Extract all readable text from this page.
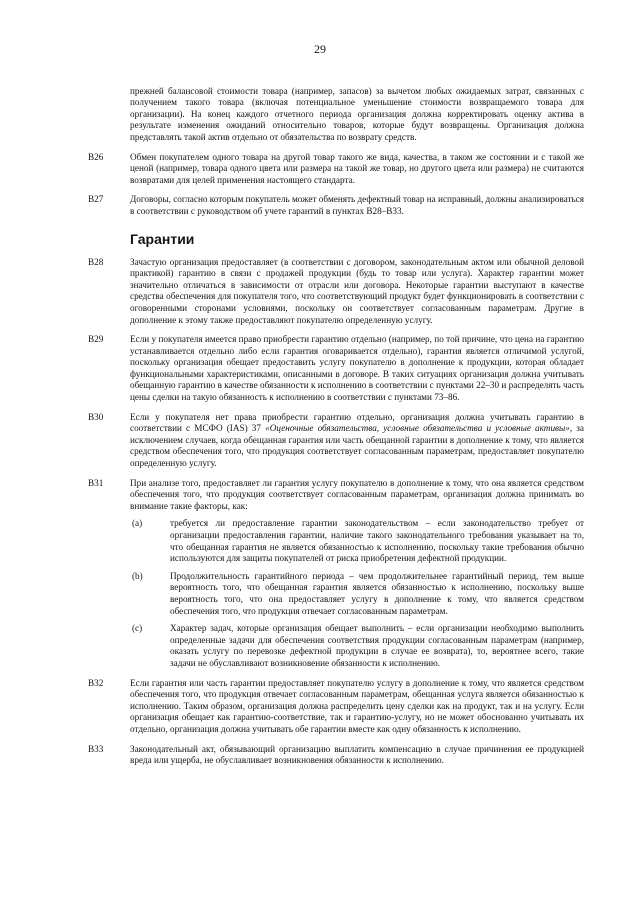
29
прежней балансовой стоимости товара (например, запасов) за вычетом любых ожидаемых затрат, связанных с получением такого товара (включая потенциальное уменьшение стоимости возвращаемого товара для организации). На конец каждого отчетного периода организация должна корректировать оценку актива в результате изменения ожиданий относительно товаров, которые будут возвращены. Организация должна представлять такой актив отдельно от обязательства по возврату средств.
B26	Обмен покупателем одного товара на другой товар такого же вида, качества, в таком же состоянии и с такой же ценой (например, товара одного цвета или размера на такой же товар, но другого цвета или размера) не считаются возвратами для целей применения настоящего стандарта.
B27	Договоры, согласно которым покупатель может обменять дефектный товар на исправный, должны анализироваться в соответствии с руководством об учете гарантий в пунктах B28–B33.
Гарантии
B28	Зачастую организация предоставляет (в соответствии с договором, законодательным актом или обычной деловой практикой) гарантию в связи с продажей продукции (будь то товар или услуга). Характер гарантии может значительно отличаться в зависимости от отрасли или договора. Некоторые гарантии выступают в качестве средства обеспечения для покупателя того, что соответствующий продукт будет функционировать в соответствии с оговоренными сторонами условиями, поскольку он соответствует согласованным параметрам. Другие в дополнение к этому также предоставляют покупателю определенную услугу.
B29	Если у покупателя имеется право приобрести гарантию отдельно (например, по той причине, что цена на гарантию устанавливается отдельно либо если гарантия оговаривается отдельно), гарантия является отличимой услугой, поскольку организация обещает предоставить услугу покупателю в дополнение к продукции, которая обладает функциональными характеристиками, описанными в договоре. В таких ситуациях организация должна учитывать обещанную гарантию в качестве обязанности к исполнению в соответствии с пунктами 22–30 и распределять часть цены сделки на такую обязанность к исполнению в соответствии с пунктами 73–86.
B30	Если у покупателя нет права приобрести гарантию отдельно, организация должна учитывать гарантию в соответствии с МСФО (IAS) 37 «Оценочные обязательства, условные обязательства и условные активы», за исключением случаев, когда обещанная гарантия или часть обещанной гарантии в дополнение к тому, что является средством обеспечения того, что продукция соответствует согласованным параметрам, предоставляет покупателю определенную услугу.
B31	При анализе того, предоставляет ли гарантия услугу покупателю в дополнение к тому, что она является средством обеспечения того, что продукция соответствует согласованным параметрам, организация должна принимать во внимание такие факторы, как:
(a)	требуется ли предоставление гарантии законодательством – если законодательство требует от организации предоставления гарантии, наличие такого законодательного требования указывает на то, что обещанная гарантия не является обязанностью к исполнению, поскольку такие требования обычно используются для защиты покупателей от риска приобретения дефектной продукции.
(b)	Продолжительность гарантийного периода – чем продолжительнее гарантийный период, тем выше вероятность того, что обещанная гарантия является обязанностью к исполнению, поскольку выше вероятность того, что она предоставляет услугу в дополнение к тому, что является средством обеспечения того, что продукция отвечает согласованным параметрам.
(c)	Характер задач, которые организация обещает выполнить – если организации необходимо выполнить определенные задачи для обеспечения соответствия продукции согласованным параметрам (например, оказать услугу по перевозке дефектной продукции в случае ее возврата), то, вероятнее всего, такие задачи не обуславливают возникновение обязанности к исполнению.
B32	Если гарантия или часть гарантии предоставляет покупателю услугу в дополнение к тому, что является средством обеспечения того, что продукция отвечает согласованным параметрам, обещанная услуга является обязанностью к исполнению. Таким образом, организация должна распределить цену сделки как на продукт, так и на услугу. Если организация обещает как гарантию-соответствие, так и гарантию-услугу, но не может обоснованно учитывать их отдельно, организация должна учитывать обе гарантии вместе как одну обязанность к исполнению.
B33	Законодательный акт, обязывающий организацию выплатить компенсацию в случае причинения ее продукцией вреда или ущерба, не обуславливает возникновения обязанности к исполнению.
